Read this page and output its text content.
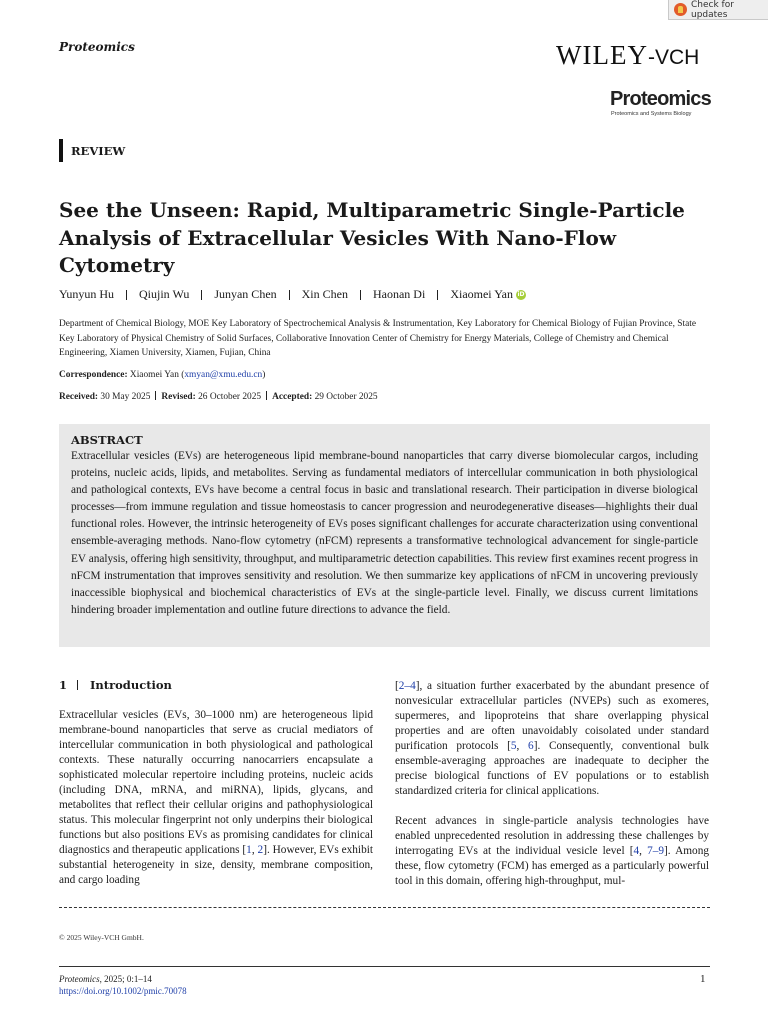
Check for updates
Proteomics	WILEY-VCH
Proteomics
Proteomics and Systems Biology
REVIEW
See the Unseen: Rapid, Multiparametric Single-Particle Analysis of Extracellular Vesicles With Nano-Flow Cytometry
Yunyun Hu Qiujin Wu Junyan Chen Xin Chen Haonan Di Xiaomei Yan iD

Department of Chemical Biology, MOE Key Laboratory of Spectrochemical Analysis & Instrumentation, Key Laboratory for Chemical Biology of Fujian Province, State Key Laboratory of Physical Chemistry of Solid Surfaces, Collaborative Innovation Center of Chemistry for Energy Materials, College of Chemistry and Chemical Engineering, Xiamen University, Xiamen, Fujian, China

Correspondence: Xiaomei Yan (xmyan@xmu.edu.cn)
Received: 30 May 2025 Revised: 26 October 2025 Accepted: 29 October 2025
ABSTRACT

Extracellular vesicles (EVs) are heterogeneous lipid membrane-bound nanoparticles that carry diverse biomolecular cargos, including proteins, nucleic acids, lipids, and metabolites. Serving as fundamental mediators of intercellular communication in both physiological and pathological contexts, EVs have become a central focus in basic and translational research. Their participation in diverse biological processes—from immune regulation and tissue homeostasis to cancer progression and neurodegenerative diseases—highlights their dual functional roles. However, the intrinsic heterogeneity of EVs poses significant challenges for accurate characterization using conventional ensemble-averaging methods. Nano-flow cytometry (nFCM) represents a transformative technological advancement for single-particle EV analysis, offering high sensitivity, throughput, and multiparametric detection capabilities. This review first examines recent progress in nFCM instrumentation that improves sensitivity and resolution. We then summarize key applications of nFCM in uncovering previously inaccessible biophysical and biochemical characteristics of EVs at the single-particle level. Finally, we discuss current limitations hindering broader implementation and outline future directions to advance the field.

1 Introduction

Extracellular vesicles (EVs, 30–1000 nm) are heterogeneous lipid membrane-bound nanoparticles that serve as crucial mediators of intercellular communication in both physiological and pathological contexts. These naturally occurring nanocarriers encapsulate a sophisticated molecular repertoire including proteins, nucleic acids (including DNA, mRNA, and miRNA), lipids, glycans, and metabolites that reflect their cellular origins and pathophysiological status. This molecular fingerprint not only underpins their biological functions but also positions EVs as promising candidates for clinical diagnostics and therapeutic applications [1, 2]. However, EVs exhibit substantial heterogeneity in size, density, membrane composition, and cargo loading

[2–4], a situation further exacerbated by the abundant presence of nonvesicular extracellular particles (NVEPs) such as exomeres, supermeres, and lipoproteins that share overlapping physical properties and are often unavoidably coisolated under standard purification protocols [5, 6]. Consequently, conventional bulk ensemble-averaging approaches are inadequate to decipher the precise biological functions of EV populations or to establish standardized criteria for clinical applications.

Recent advances in single-particle analysis technologies have enabled unprecedented resolution in addressing these challenges by interrogating EVs at the individual vesicle level [4, 7–9]. Among these, flow cytometry (FCM) has emerged as a particularly powerful tool in this domain, offering high-throughput, mul-

© 2025 Wiley-VCH GmbH.
Proteomics, 2025; 0:1–14
https://doi.org/10.1002/pmic.70078
1
